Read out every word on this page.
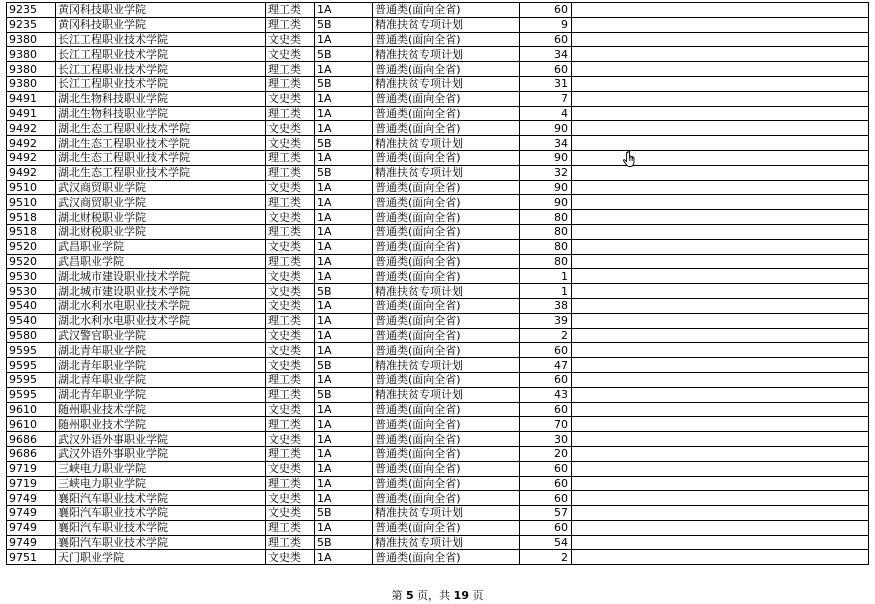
9235	黄冈科技职业学院	理工类	1A	普通类(面向全省)	60	
9235	黄冈科技职业学院	理工类	5B	精准扶贫专项计划	9	
9380	长江工程职业技术学院	文史类	1A	普通类(面向全省)	60	
9380	长江工程职业技术学院	文史类	5B	精准扶贫专项计划	34	
9380	长江工程职业技术学院	理工类	1A	普通类(面向全省)	60	
9380	长江工程职业技术学院	理工类	5B	精准扶贫专项计划	31	
9491	湖北生物科技职业学院	文史类	1A	普通类(面向全省)	7	
9491	湖北生物科技职业学院	理工类	1A	普通类(面向全省)	4	
9492	湖北生态工程职业技术学院	文史类	1A	普通类(面向全省)	90	
9492	湖北生态工程职业技术学院	文史类	5B	精准扶贫专项计划	34	
9492	湖北生态工程职业技术学院	理工类	1A	普通类(面向全省)	90	
9492	湖北生态工程职业技术学院	理工类	5B	精准扶贫专项计划	32	
9510	武汉商贸职业学院	文史类	1A	普通类(面向全省)	90	
9510	武汉商贸职业学院	理工类	1A	普通类(面向全省)	90	
9518	湖北财税职业学院	文史类	1A	普通类(面向全省)	80	
9518	湖北财税职业学院	理工类	1A	普通类(面向全省)	80	
9520	武昌职业学院	文史类	1A	普通类(面向全省)	80	
9520	武昌职业学院	理工类	1A	普通类(面向全省)	80	
9530	湖北城市建设职业技术学院	文史类	1A	普通类(面向全省)	1	
9530	湖北城市建设职业技术学院	文史类	5B	精准扶贫专项计划	1	
9540	湖北水利水电职业技术学院	文史类	1A	普通类(面向全省)	38	
9540	湖北水利水电职业技术学院	理工类	1A	普通类(面向全省)	39	
9580	武汉警官职业学院	文史类	1A	普通类(面向全省)	2	
9595	湖北青年职业学院	文史类	1A	普通类(面向全省)	60	
9595	湖北青年职业学院	文史类	5B	精准扶贫专项计划	47	
9595	湖北青年职业学院	理工类	1A	普通类(面向全省)	60	
9595	湖北青年职业学院	理工类	5B	精准扶贫专项计划	43	
9610	随州职业技术学院	文史类	1A	普通类(面向全省)	60	
9610	随州职业技术学院	理工类	1A	普通类(面向全省)	70	
9686	武汉外语外事职业学院	文史类	1A	普通类(面向全省)	30	
9686	武汉外语外事职业学院	理工类	1A	普通类(面向全省)	20	
9719	三峡电力职业学院	文史类	1A	普通类(面向全省)	60	
9719	三峡电力职业学院	理工类	1A	普通类(面向全省)	60	
9749	襄阳汽车职业技术学院	文史类	1A	普通类(面向全省)	60	
9749	襄阳汽车职业技术学院	文史类	5B	精准扶贫专项计划	57	
9749	襄阳汽车职业技术学院	理工类	1A	普通类(面向全省)	60	
9749	襄阳汽车职业技术学院	理工类	5B	精准扶贫专项计划	54	
9751	天门职业学院	文史类	1A	普通类(面向全省)	2	
第 5 页，共 19 页
